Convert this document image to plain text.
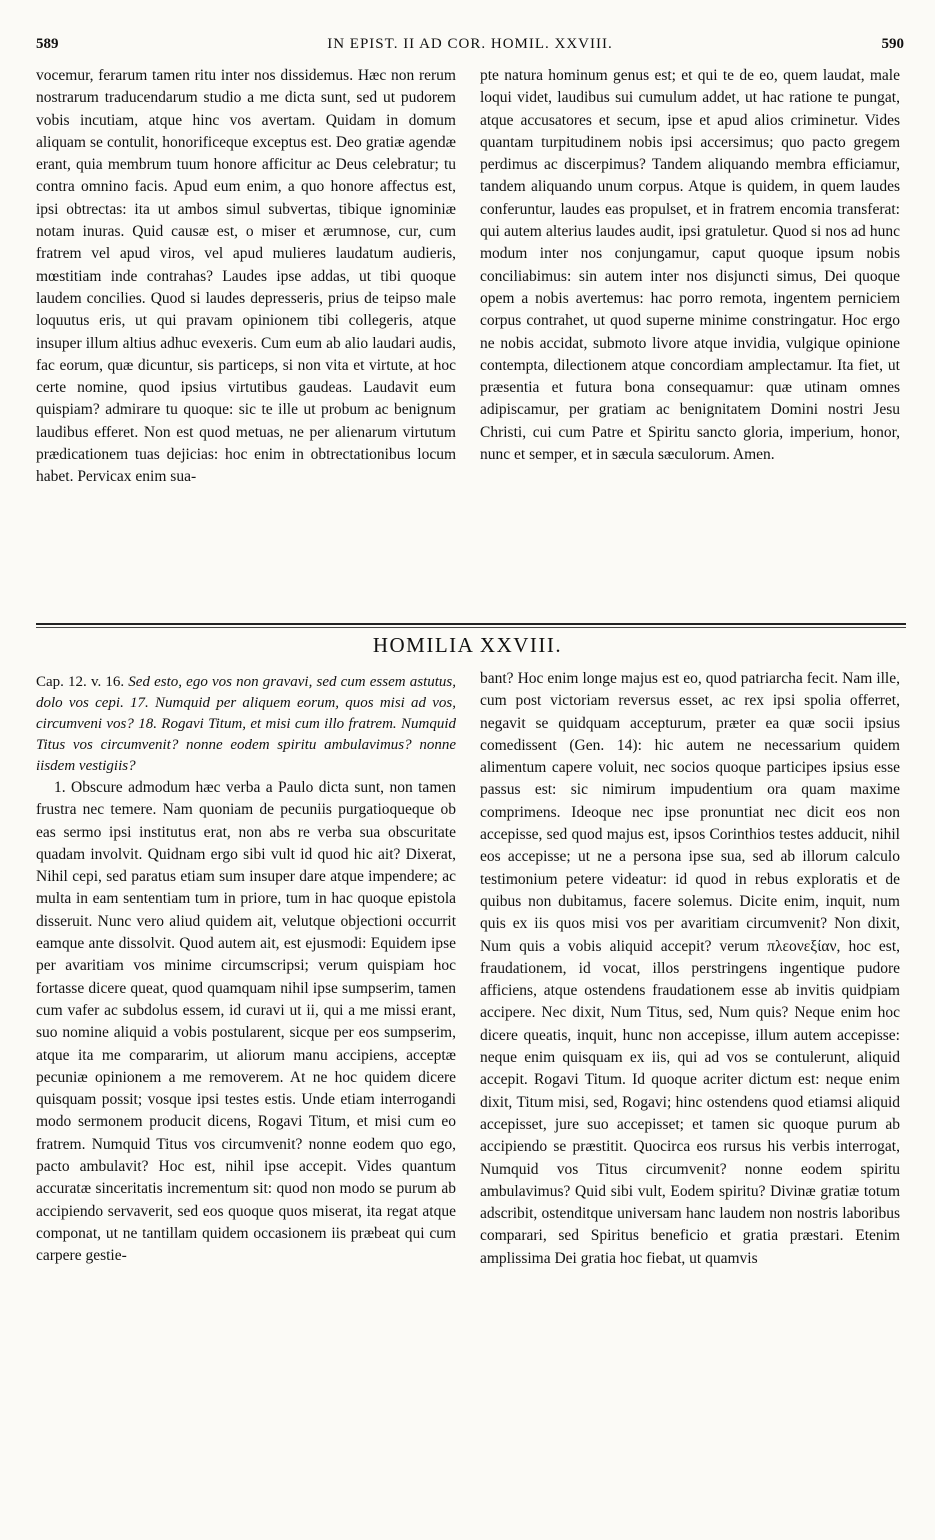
589	IN EPIST. II AD COR. HOMIL. XXVIII.	590

vocemur, ferarum tamen ritu inter nos dissidemus. Hæc non rerum nostrarum traducendarum studio a me dicta sunt, sed ut pudorem vobis incutiam, atque hinc vos avertam. Quidam in domum aliquam se contulit, honorificeque exceptus est. Deo gratiæ agendæ erant, quia membrum tuum honore afficitur ac Deus celebratur; tu contra omnino facis. Apud eum enim, a quo honore affectus est, ipsi obtrectas: ita ut ambos simul subvertas, tibique ignominiæ notam inuras. Quid causæ est, o miser et ærumnose, cur, cum fratrem vel apud viros, vel apud mulieres laudatum audieris, mœstitiam inde contrahas? Laudes ipse addas, ut tibi quoque laudem concilies. Quod si laudes depresseris, prius de teipso male loquutus eris, ut qui pravam opinionem tibi collegeris, atque insuper illum altius adhuc evexeris. Cum eum ab alio laudari audis, fac eorum, quæ dicuntur, sis particeps, si non vita et virtute, at hoc certe nomine, quod ipsius virtutibus gaudeas. Laudavit eum quispiam? admirare tu quoque: sic te ille ut probum ac benignum laudibus efferet. Non est quod metuas, ne per alienarum virtutum prædicationem tuas dejicias: hoc enim in obtrectationibus locum habet. Pervicax enim sua-

pte natura hominum genus est; et qui te de eo, quem laudat, male loqui videt, laudibus sui cumulum addet, ut hac ratione te pungat, atque accusatores et secum, ipse et apud alios criminetur. Vides quantam turpitudinem nobis ipsi accersimus; quo pacto gregem perdimus ac discerpimus? Tandem aliquando membra efficiamur, tandem aliquando unum corpus. Atque is quidem, in quem laudes conferuntur, laudes eas propulset, et in fratrem encomia transferat: qui autem alterius laudes audit, ipsi gratuletur. Quod si nos ad hunc modum inter nos conjungamur, caput quoque ipsum nobis conciliabimus: sin autem inter nos disjuncti simus, Dei quoque opem a nobis avertemus: hac porro remota, ingentem perniciem corpus contrahet, ut quod superne minime constringatur. Hoc ergo ne nobis accidat, submoto livore atque invidia, vulgique opinione contempta, dilectionem atque concordiam amplectamur. Ita fiet, ut præsentia et futura bona consequamur: quæ utinam omnes adipiscamur, per gratiam ac benignitatem Domini nostri Jesu Christi, cui cum Patre et Spiritu sancto gloria, imperium, honor, nunc et semper, et in sæcula sæculorum. Amen.

HOMILIA XXVIII.

Cap. 12. v. 16. Sed esto, ego vos non gravavi, sed cum essem astutus, dolo vos cepi. 17. Numquid per aliquem eorum, quos misi ad vos, circumveni vos? 18. Rogavi Titum, et misi cum illo fratrem. Numquid Titus vos circumvenit? nonne eodem spiritu ambulavimus? nonne iisdem vestigiis?

1. Obscure admodum hæc verba a Paulo dicta sunt, non tamen frustra nec temere. Nam quoniam de pecuniis purgatioqueque ob eas sermo ipsi institutus erat, non abs re verba sua obscuritate quadam involvit. Quidnam ergo sibi vult id quod hic ait? Dixerat, Nihil cepi, sed paratus etiam sum insuper dare atque impendere; ac multa in eam sententiam tum in priore, tum in hac quoque epistola disseruit. Nunc vero aliud quidem ait, velutque objectioni occurrit eamque ante dissolvit. Quod autem ait, est ejusmodi: Equidem ipse per avaritiam vos minime circumscripsi; verum quispiam hoc fortasse dicere queat, quod quamquam nihil ipse sumpserim, tamen cum vafer ac subdolus essem, id curavi ut ii, qui a me missi erant, suo nomine aliquid a vobis postularent, sicque per eos sumpserim, atque ita me compararim, ut aliorum manu accipiens, acceptæ pecuniæ opinionem a me removerem. At ne hoc quidem dicere quisquam possit; vosque ipsi testes estis. Unde etiam interrogandi modo sermonem producit dicens, Rogavi Titum, et misi cum eo fratrem. Numquid Titus vos circumvenit? nonne eodem quo ego, pacto ambulavit? Hoc est, nihil ipse accepit. Vides quantum accuratæ sinceritatis incrementum sit: quod non modo se purum ab accipiendo servaverit, sed eos quoque quos miserat, ita regat atque componat, ut ne tantillam quidem occasionem iis præbeat qui cum carpere gestie-

bant? Hoc enim longe majus est eo, quod patriarcha fecit. Nam ille, cum post victoriam reversus esset, ac rex ipsi spolia offerret, negavit se quidquam accepturum, præter ea quæ socii ipsius comedissent (Gen. 14): hic autem ne necessarium quidem alimentum capere voluit, nec socios quoque participes ipsius esse passus est: sic nimirum impudentium ora quam maxime comprimens. Ideoque nec ipse pronuntiat nec dicit eos non accepisse, sed quod majus est, ipsos Corinthios testes adducit, nihil eos accepisse; ut ne a persona ipse sua, sed ab illorum calculo testimonium petere videatur: id quod in rebus exploratis et de quibus non dubitamus, facere solemus. Dicite enim, inquit, num quis ex iis quos misi vos per avaritiam circumvenit? Non dixit, Num quis a vobis aliquid accepit? verum πλεονεξίαν, hoc est, fraudationem, id vocat, illos perstringens ingentique pudore afficiens, atque ostendens fraudationem esse ab invitis quidpiam accipere. Nec dixit, Num Titus, sed, Num quis? Neque enim hoc dicere queatis, inquit, hunc non accepisse, illum autem accepisse: neque enim quisquam ex iis, qui ad vos se contulerunt, aliquid accepit. Rogavi Titum. Id quoque acriter dictum est: neque enim dixit, Titum misi, sed, Rogavi; hinc ostendens quod etiamsi aliquid accepisset, jure suo accepisset; et tamen sic quoque purum ab accipiendo se præstitit. Quocirca eos rursus his verbis interrogat, Numquid vos Titus circumvenit? nonne eodem spiritu ambulavimus? Quid sibi vult, Eodem spiritu? Divinæ gratiæ totum adscribit, ostenditque universam hanc laudem non nostris laboribus comparari, sed Spiritus beneficio et gratia præstari. Etenim amplissima Dei gratia hoc fiebat, ut quamvis
